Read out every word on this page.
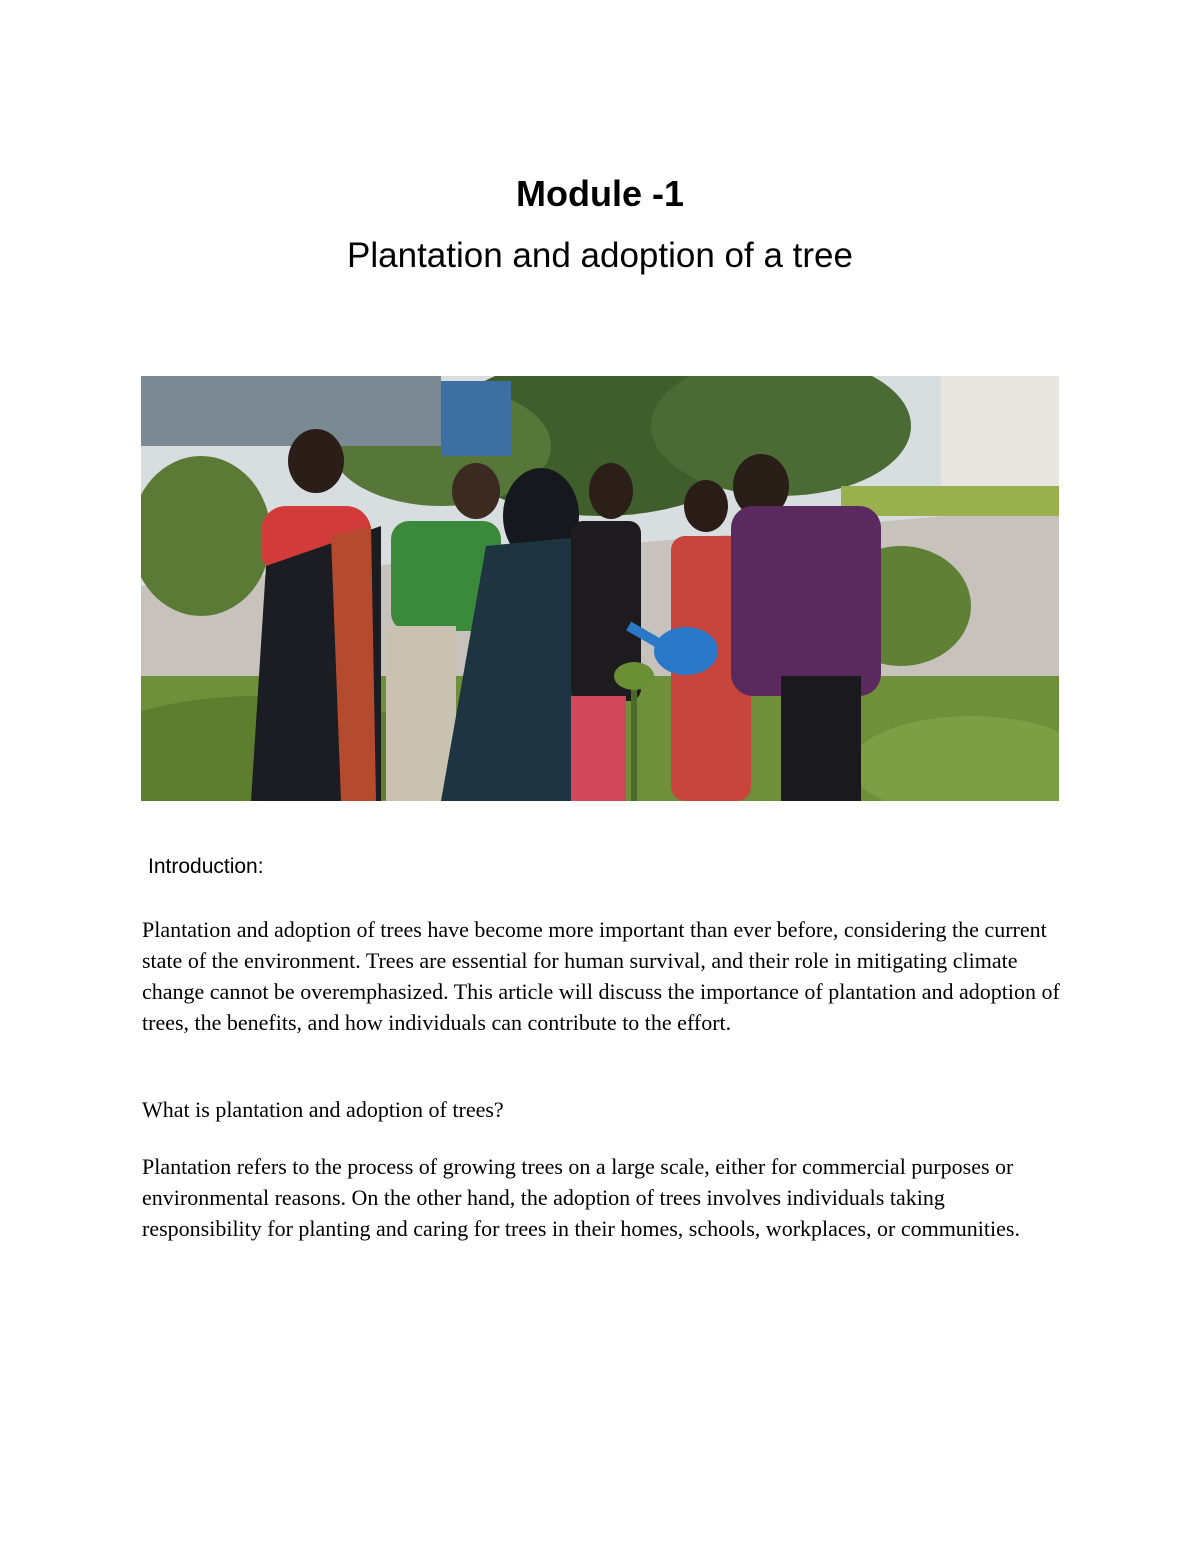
Module -1
Plantation and adoption of a tree

Introduction:

Plantation and adoption of trees have become more important than ever before, considering the current state of the environment. Trees are essential for human survival, and their role in mitigating climate change cannot be overemphasized. This article will discuss the importance of plantation and adoption of trees, the benefits, and how individuals can contribute to the effort.

What is plantation and adoption of trees?

Plantation refers to the process of growing trees on a large scale, either for commercial purposes or environmental reasons. On the other hand, the adoption of trees involves individuals taking responsibility for planting and caring for trees in their homes, schools, workplaces, or communities.
